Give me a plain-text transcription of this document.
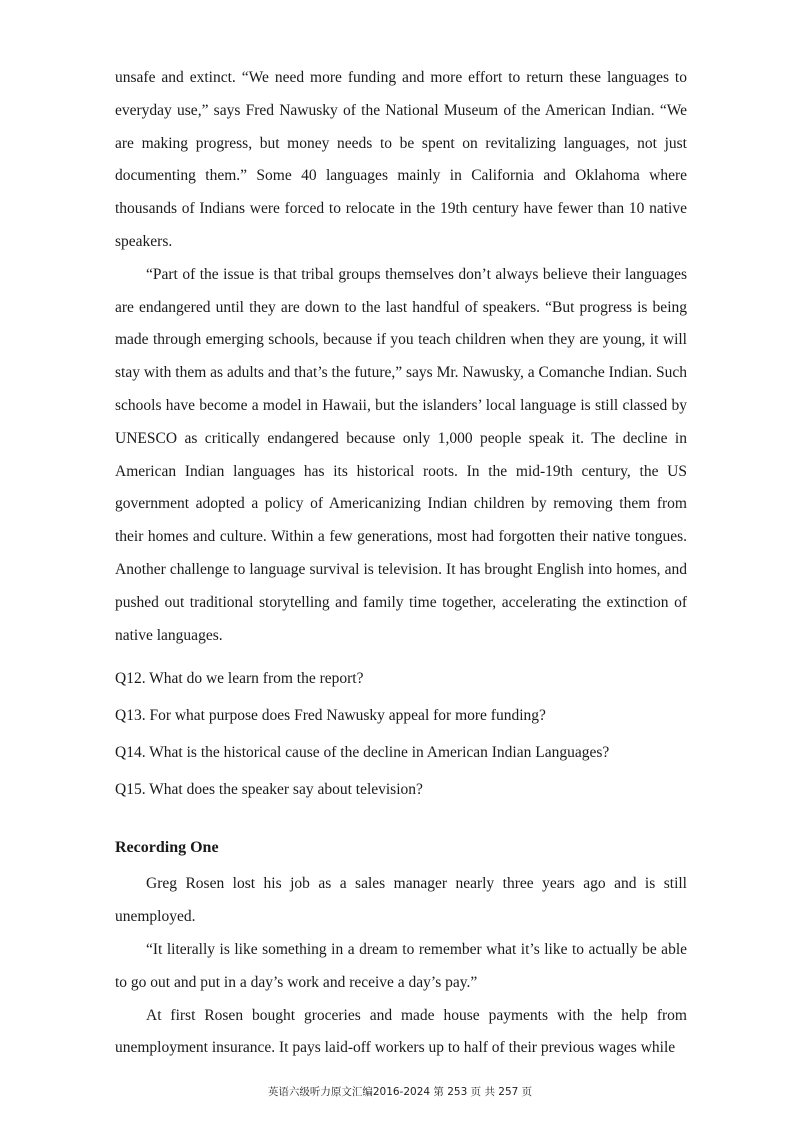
unsafe and extinct. “We need more funding and more effort to return these languages to everyday use,” says Fred Nawusky of the National Museum of the American Indian. “We are making progress, but money needs to be spent on revitalizing languages, not just documenting them.” Some 40 languages mainly in California and Oklahoma where thousands of Indians were forced to relocate in the 19th century have fewer than 10 native speakers.

“Part of the issue is that tribal groups themselves don’t always believe their languages are endangered until they are down to the last handful of speakers. “But progress is being made through emerging schools, because if you teach children when they are young, it will stay with them as adults and that’s the future,” says Mr. Nawusky, a Comanche Indian. Such schools have become a model in Hawaii, but the islanders’ local language is still classed by UNESCO as critically endangered because only 1,000 people speak it. The decline in American Indian languages has its historical roots. In the mid-19th century, the US government adopted a policy of Americanizing Indian children by removing them from their homes and culture. Within a few generations, most had forgotten their native tongues. Another challenge to language survival is television. It has brought English into homes, and pushed out traditional storytelling and family time together, accelerating the extinction of native languages.

Q12. What do we learn from the report?

Q13. For what purpose does Fred Nawusky appeal for more funding?

Q14. What is the historical cause of the decline in American Indian Languages?

Q15. What does the speaker say about television?

Recording One

Greg Rosen lost his job as a sales manager nearly three years ago and is still unemployed.

“It literally is like something in a dream to remember what it’s like to actually be able to go out and put in a day’s work and receive a day’s pay.”

At first Rosen bought groceries and made house payments with the help from unemployment insurance. It pays laid-off workers up to half of their previous wages while

英语六级听力原文汇编2016-2024 第 253 页 共 257 页
